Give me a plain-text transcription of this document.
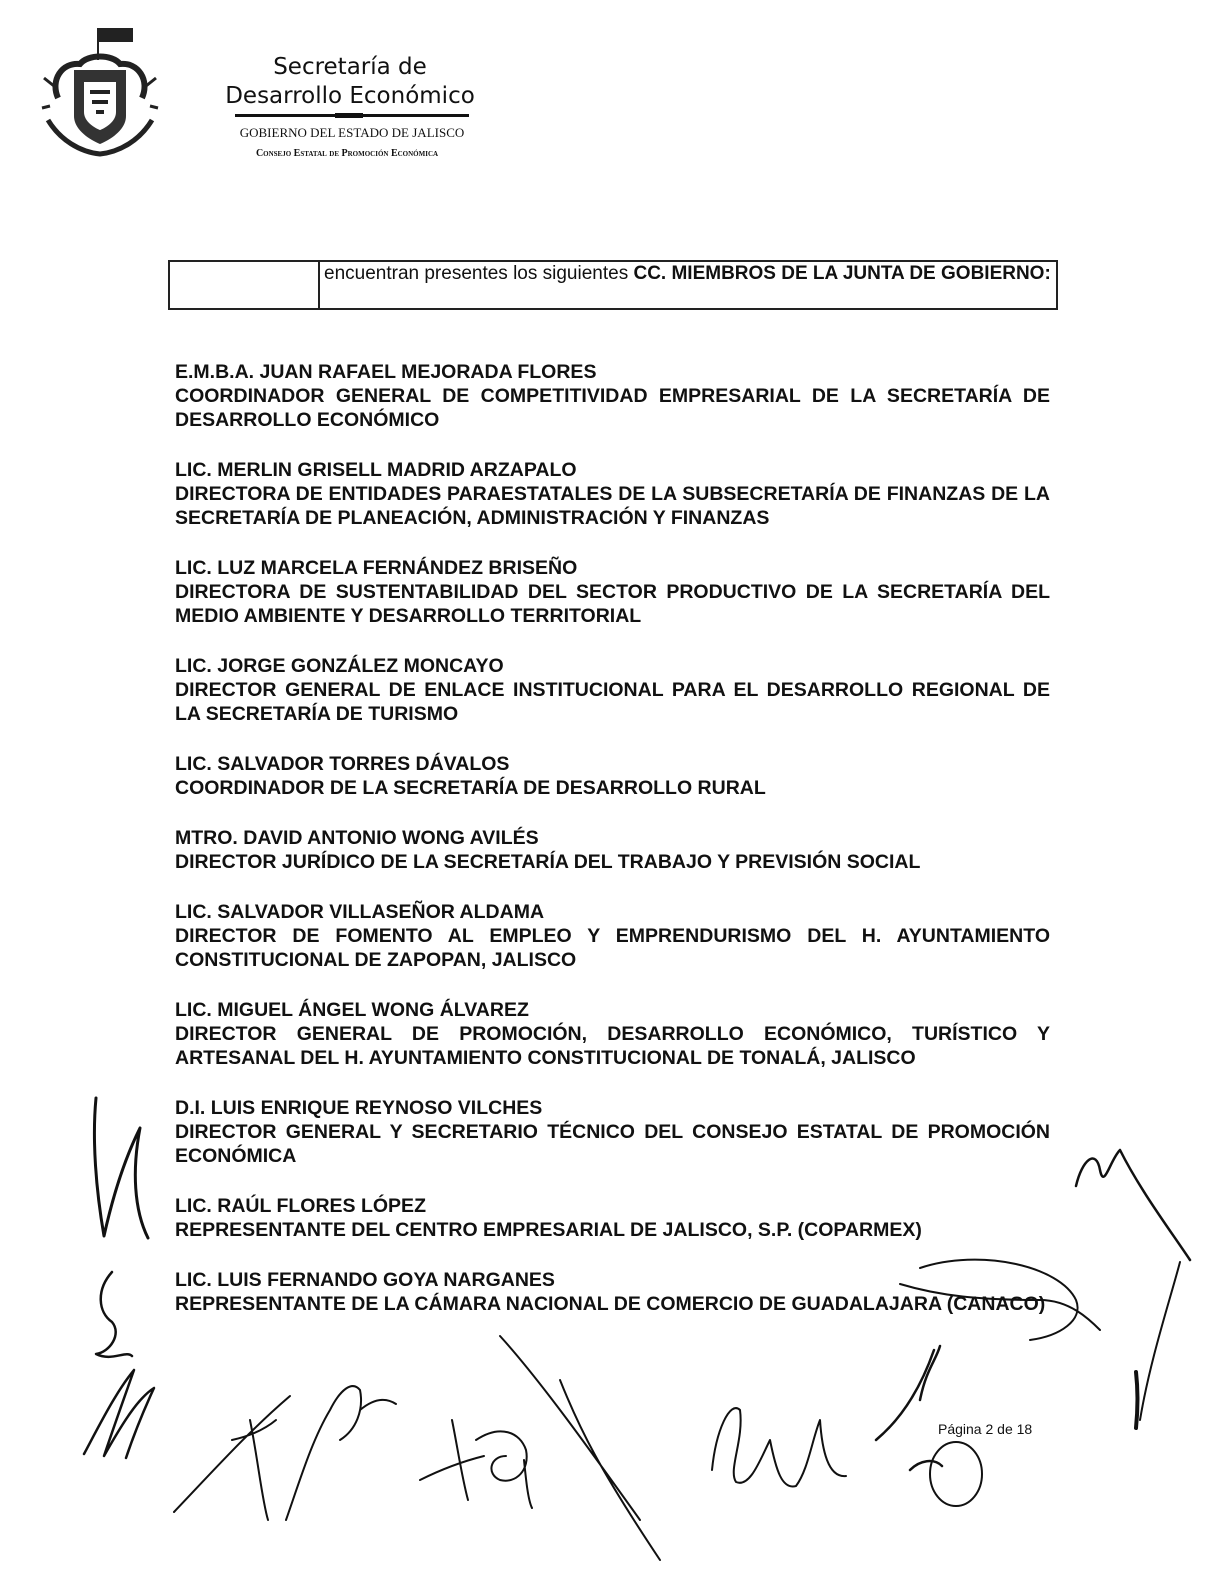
Secretaría de
Desarrollo Económico
GOBIERNO DEL ESTADO DE JALISCO
Consejo Estatal de Promoción Económica
	encuentran presentes los siguientes CC. MIEMBROS DE LA JUNTA DE GOBIERNO:
E.M.B.A. JUAN RAFAEL MEJORADA FLORES
COORDINADOR GENERAL DE COMPETITIVIDAD EMPRESARIAL DE LA SECRETARÍA DE DESARROLLO ECONÓMICO
LIC. MERLIN GRISELL MADRID ARZAPALO
DIRECTORA DE ENTIDADES PARAESTATALES DE LA SUBSECRETARÍA DE FINANZAS DE LA SECRETARÍA DE PLANEACIÓN, ADMINISTRACIÓN Y FINANZAS
LIC. LUZ MARCELA FERNÁNDEZ BRISEÑO
DIRECTORA DE SUSTENTABILIDAD DEL SECTOR PRODUCTIVO DE LA SECRETARÍA DEL MEDIO AMBIENTE Y DESARROLLO TERRITORIAL
LIC. JORGE GONZÁLEZ MONCAYO
DIRECTOR GENERAL DE ENLACE INSTITUCIONAL PARA EL DESARROLLO REGIONAL DE LA SECRETARÍA DE TURISMO
LIC. SALVADOR TORRES DÁVALOS
COORDINADOR DE LA SECRETARÍA DE DESARROLLO RURAL
MTRO. DAVID ANTONIO WONG AVILÉS
DIRECTOR JURÍDICO DE LA SECRETARÍA DEL TRABAJO Y PREVISIÓN SOCIAL
LIC. SALVADOR VILLASEÑOR ALDAMA
DIRECTOR DE FOMENTO AL EMPLEO Y EMPRENDURISMO DEL H. AYUNTAMIENTO CONSTITUCIONAL DE ZAPOPAN, JALISCO
LIC. MIGUEL ÁNGEL WONG ÁLVAREZ
DIRECTOR GENERAL DE PROMOCIÓN, DESARROLLO ECONÓMICO, TURÍSTICO Y ARTESANAL DEL H. AYUNTAMIENTO CONSTITUCIONAL DE TONALÁ, JALISCO
D.I. LUIS ENRIQUE REYNOSO VILCHES
DIRECTOR GENERAL Y SECRETARIO TÉCNICO DEL CONSEJO ESTATAL DE PROMOCIÓN ECONÓMICA
LIC. RAÚL FLORES LÓPEZ
REPRESENTANTE DEL CENTRO EMPRESARIAL DE JALISCO, S.P. (COPARMEX)
LIC. LUIS FERNANDO GOYA NARGANES
REPRESENTANTE DE LA CÁMARA NACIONAL DE COMERCIO DE GUADALAJARA (CANACO)
Página 2 de 18
